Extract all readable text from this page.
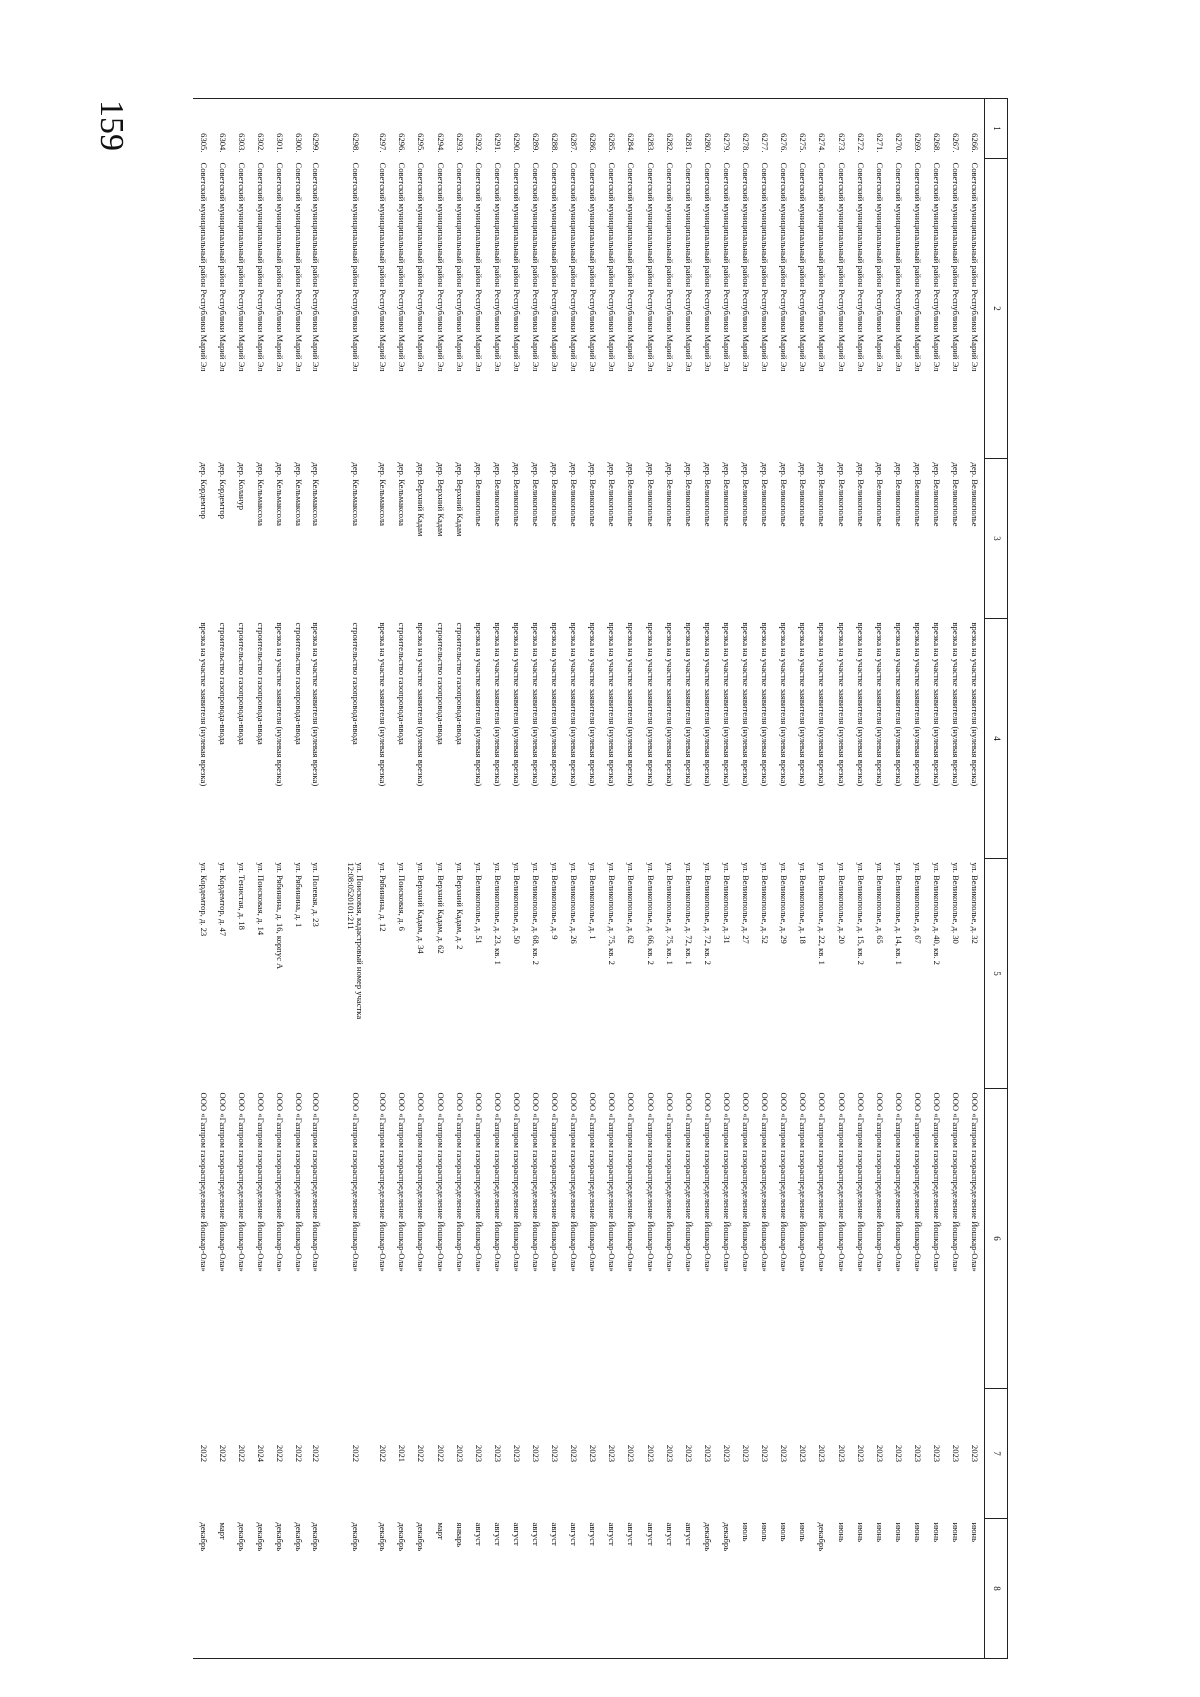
159	1	2	3	4	5	6	7	8
6266.	Советский муниципальный район Республики Марий Эл	дер. Великополье	врезка на участке заявителя (нулевая врезка)	ул. Великополье, д. 32	ООО «Газпром газораспределение Йошкар-Ола»	2023	июнь
6267.	Советский муниципальный район Республики Марий Эл	дер. Великополье	врезка на участке заявителя (нулевая врезка)	ул. Великополье, д. 30	ООО «Газпром газораспределение Йошкар-Ола»	2023	июнь
6268.	Советский муниципальный район Республики Марий Эл	дер. Великополье	врезка на участке заявителя (нулевая врезка)	ул. Великополье, д. 40, кв. 2	ООО «Газпром газораспределение Йошкар-Ола»	2023	июнь
6269.	Советский муниципальный район Республики Марий Эл	дер. Великополье	врезка на участке заявителя (нулевая врезка)	ул. Великополье, д. 67	ООО «Газпром газораспределение Йошкар-Ола»	2023	июнь
6270.	Советский муниципальный район Республики Марий Эл	дер. Великополье	врезка на участке заявителя (нулевая врезка)	ул. Великополье, д. 14, кв. 1	ООО «Газпром газораспределение Йошкар-Ола»	2023	июнь
6271.	Советский муниципальный район Республики Марий Эл	дер. Великополье	врезка на участке заявителя (нулевая врезка)	ул. Великополье, д. 65	ООО «Газпром газораспределение Йошкар-Ола»	2023	июнь
6272.	Советский муниципальный район Республики Марий Эл	дер. Великополье	врезка на участке заявителя (нулевая врезка)	ул. Великополье, д. 15, кв. 2	ООО «Газпром газораспределение Йошкар-Ола»	2023	июнь
6273.	Советский муниципальный район Республики Марий Эл	дер. Великополье	врезка на участке заявителя (нулевая врезка)	ул. Великополье, д. 20	ООО «Газпром газораспределение Йошкар-Ола»	2023	июнь
6274.	Советский муниципальный район Республики Марий Эл	дер. Великополье	врезка на участке заявителя (нулевая врезка)	ул. Великополье, д. 22, кв. 1	ООО «Газпром газораспределение Йошкар-Ола»	2023	декабрь
6275.	Советский муниципальный район Республики Марий Эл	дер. Великополье	врезка на участке заявителя (нулевая врезка)	ул. Великополье, д. 18	ООО «Газпром газораспределение Йошкар-Ола»	2023	июль
6276.	Советский муниципальный район Республики Марий Эл	дер. Великополье	врезка на участке заявителя (нулевая врезка)	ул. Великополье, д. 29	ООО «Газпром газораспределение Йошкар-Ола»	2023	июль
6277.	Советский муниципальный район Республики Марий Эл	дер. Великополье	врезка на участке заявителя (нулевая врезка)	ул. Великополье, д. 52	ООО «Газпром газораспределение Йошкар-Ола»	2023	июль
6278.	Советский муниципальный район Республики Марий Эл	дер. Великополье	врезка на участке заявителя (нулевая врезка)	ул. Великополье, д. 27	ООО «Газпром газораспределение Йошкар-Ола»	2023	июль
6279.	Советский муниципальный район Республики Марий Эл	дер. Великополье	врезка на участке заявителя (нулевая врезка)	ул. Великополье, д. 31	ООО «Газпром газораспределение Йошкар-Ола»	2023	декабрь
6280.	Советский муниципальный район Республики Марий Эл	дер. Великополье	врезка на участке заявителя (нулевая врезка)	ул. Великополье, д. 72, кв. 2	ООО «Газпром газораспределение Йошкар-Ола»	2023	декабрь
6281.	Советский муниципальный район Республики Марий Эл	дер. Великополье	врезка на участке заявителя (нулевая врезка)	ул. Великополье, д. 72, кв. 1	ООО «Газпром газораспределение Йошкар-Ола»	2023	август
6282.	Советский муниципальный район Республики Марий Эл	дер. Великополье	врезка на участке заявителя (нулевая врезка)	ул. Великополье, д. 75, кв. 1	ООО «Газпром газораспределение Йошкар-Ола»	2023	август
6283.	Советский муниципальный район Республики Марий Эл	дер. Великополье	врезка на участке заявителя (нулевая врезка)	ул. Великополье, д. 66, кв. 2	ООО «Газпром газораспределение Йошкар-Ола»	2023	август
6284.	Советский муниципальный район Республики Марий Эл	дер. Великополье	врезка на участке заявителя (нулевая врезка)	ул. Великополье, д. 62	ООО «Газпром газораспределение Йошкар-Ола»	2023	август
6285.	Советский муниципальный район Республики Марий Эл	дер. Великополье	врезка на участке заявителя (нулевая врезка)	ул. Великополье, д. 75, кв. 2	ООО «Газпром газораспределение Йошкар-Ола»	2023	август
6286.	Советский муниципальный район Республики Марий Эл	дер. Великополье	врезка на участке заявителя (нулевая врезка)	ул. Великополье, д. 1	ООО «Газпром газораспределение Йошкар-Ола»	2023	август
6287.	Советский муниципальный район Республики Марий Эл	дер. Великополье	врезка на участке заявителя (нулевая врезка)	ул. Великополье, д. 26	ООО «Газпром газораспределение Йошкар-Ола»	2023	август
6288.	Советский муниципальный район Республики Марий Эл	дер. Великополье	врезка на участке заявителя (нулевая врезка)	ул. Великополье, д. 9	ООО «Газпром газораспределение Йошкар-Ола»	2023	август
6289.	Советский муниципальный район Республики Марий Эл	дер. Великополье	врезка на участке заявителя (нулевая врезка)	ул. Великополье, д. 68, кв. 2	ООО «Газпром газораспределение Йошкар-Ола»	2023	август
6290.	Советский муниципальный район Республики Марий Эл	дер. Великополье	врезка на участке заявителя (нулевая врезка)	ул. Великополье, д. 50	ООО «Газпром газораспределение Йошкар-Ола»	2023	август
6291.	Советский муниципальный район Республики Марий Эл	дер. Великополье	врезка на участке заявителя (нулевая врезка)	ул. Великополье, д. 23, кв. 1	ООО «Газпром газораспределение Йошкар-Ола»	2023	август
6292.	Советский муниципальный район Республики Марий Эл	дер. Великополье	врезка на участке заявителя (нулевая врезка)	ул. Великополье, д. 51	ООО «Газпром газораспределение Йошкар-Ола»	2023	август
6293.	Советский муниципальный район Республики Марий Эл	дер. Верхний Кадам	строительство газопровода-ввода	ул. Верхний Кадам, д. 2	ООО «Газпром газораспределение Йошкар-Ола»	2023	январь
6294.	Советский муниципальный район Республики Марий Эл	дер. Верхний Кадам	строительство газопровода-ввода	ул. Верхний Кадам, д. 62	ООО «Газпром газораспределение Йошкар-Ола»	2022	март
6295.	Советский муниципальный район Республики Марий Эл	дер. Верхний Кадам	врезка на участке заявителя (нулевая врезка)	ул. Верхний Кадам, д. 34	ООО «Газпром газораспределение Йошкар-Ола»	2022	декабрь
6296.	Советский муниципальный район Республики Марий Эл	дер. Кельмаксола	строительство газопровода-ввода	ул. Поисковая, д. 6	ООО «Газпром газораспределение Йошкар-Ола»	2021	декабрь
6297.	Советский муниципальный район Республики Марий Эл	дер. Кельмаксола	врезка на участке заявителя (нулевая врезка)	ул. Рябинина, д. 12	ООО «Газпром газораспределение Йошкар-Ола»	2022	декабрь
6298.	Советский муниципальный район Республики Марий Эл	дер. Кельмаксола	строительство газопровода-ввода	ул. Поисковая, кадастровый номер участка 12:08:0520101:211	ООО «Газпром газораспределение Йошкар-Ола»	2022	декабрь
6299.	Советский муниципальный район Республики Марий Эл	дер. Кельмаксола	врезка на участке заявителя (нулевая врезка)	ул. Полевая, д. 23	ООО «Газпром газораспределение Йошкар-Ола»	2022	декабрь
6300.	Советский муниципальный район Республики Марий Эл	дер. Кельмаксола	строительство газопровода-ввода	ул. Рябинина, д. 1	ООО «Газпром газораспределение Йошкар-Ола»	2022	декабрь
6301.	Советский муниципальный район Республики Марий Эл	дер. Кельмаксола	врезка на участке заявителя (нулевая врезка)	ул. Рябинина, д. 16, корпус А	ООО «Газпром газораспределение Йошкар-Ола»	2022	декабрь
6302.	Советский муниципальный район Республики Марий Эл	дер. Кельмаксола	строительство газопровода-ввода	ул. Поисковая, д. 14	ООО «Газпром газораспределение Йошкар-Ола»	2024	декабрь
6303.	Советский муниципальный район Республики Марий Эл	дер. Коланур	строительство газопровода-ввода	ул. Тенистая, д. 18	ООО «Газпром газораспределение Йошкар-Ола»	2022	декабрь
6304.	Советский муниципальный район Республики Марий Эл	дер. Кордемтор	строительство газопровода-ввода	ул. Кордемтор, д. 47	ООО «Газпром газораспределение Йошкар-Ола»	2022	март
6305.	Советский муниципальный район Республики Марий Эл	дер. Кордемтор	врезка на участке заявителя (нулевая врезка)	ул. Кордемтор, д. 23	ООО «Газпром газораспределение Йошкар-Ола»	2022	декабрь
